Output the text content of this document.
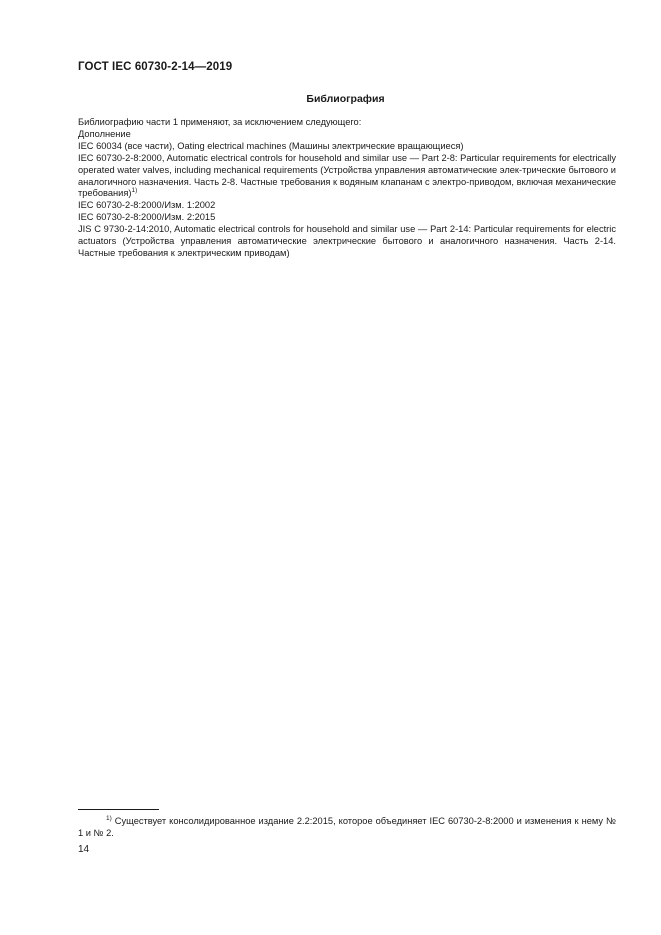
ГОСТ IEC 60730-2-14—2019
Библиография

Библиографию части 1 применяют, за исключением следующего:

Дополнение

IEC 60034 (все части), Oating electrical machines (Машины электрические вращающиеся)

IEC 60730-2-8:2000, Automatic electrical controls for household and similar use — Part 2-8: Particular requirements for electrically operated water valves, including mechanical requirements (Устройства управления автоматические элек-трические бытового и аналогичного назначения. Часть 2-8. Частные требования к водяным клапанам с электро-приводом, включая механические требования)$^{1)}$

IEC 60730-2-8:2000/Изм. 1:2002

IEC 60730-2-8:2000/Изм. 2:2015

JIS C 9730-2-14:2010, Automatic electrical controls for household and similar use — Part 2-14: Particular requirements for electric actuators (Устройства управления автоматические электрические бытового и аналогичного назначения. Часть 2-14. Частные требования к электрическим приводам)

$^{1)}$ Существует консолидированное издание 2.2:2015, которое объединяет IEC 60730-2-8:2000 и изменения к нему № 1 и № 2.
14
